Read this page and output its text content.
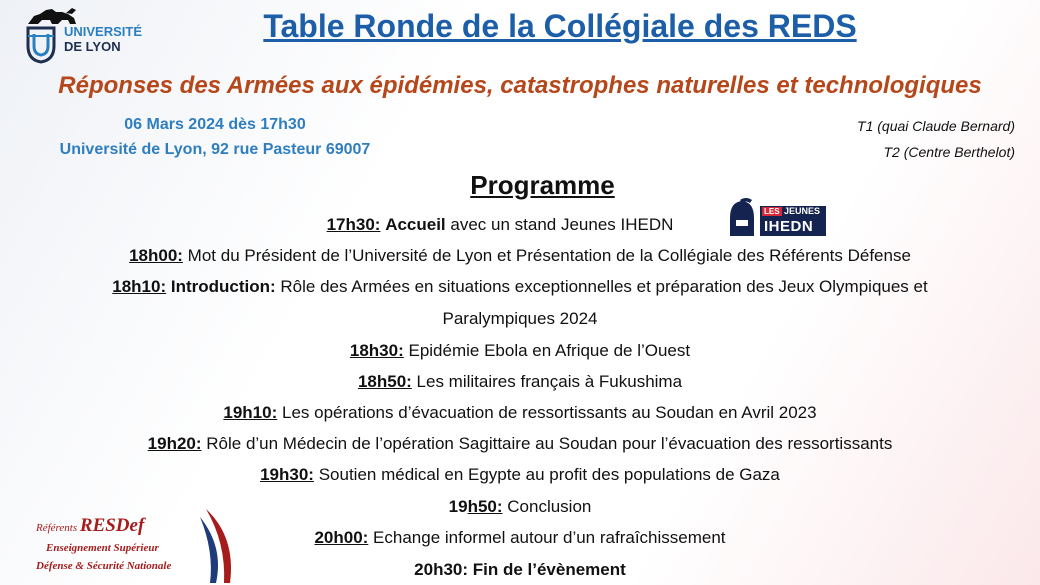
UNIVERSITÉ
DE LYON
Table Ronde de la Collégiale des REDS
Réponses des Armées aux épidémies, catastrophes naturelles et technologiques
06 Mars 2024 dès 17h30
Université de Lyon, 92 rue Pasteur 69007
T1 (quai Claude Bernard)
T2 (Centre Berthelot)
Programme
17h30: Accueil avec un stand Jeunes IHEDN
LES JEUNES
IHEDN
18h00: Mot du Président de l’Université de Lyon et Présentation de la Collégiale des Référents Défense
18h10: Introduction: Rôle des Armées en situations exceptionnelles et préparation des Jeux Olympiques et
Paralympiques 2024
18h30: Epidémie Ebola en Afrique de l’Ouest
18h50: Les militaires français à Fukushima
19h10: Les opérations d’évacuation de ressortissants au Soudan en Avril 2023
19h20: Rôle d’un Médecin de l’opération Sagittaire au Soudan pour l’évacuation des ressortissants
19h30: Soutien médical en Egypte au profit des populations de Gaza
19h50: Conclusion
20h00: Echange informel autour d’un rafraîchissement
20h30: Fin de l’évènement
Référents RESDef
Enseignement Supérieur
Défense & Sécurité Nationale
